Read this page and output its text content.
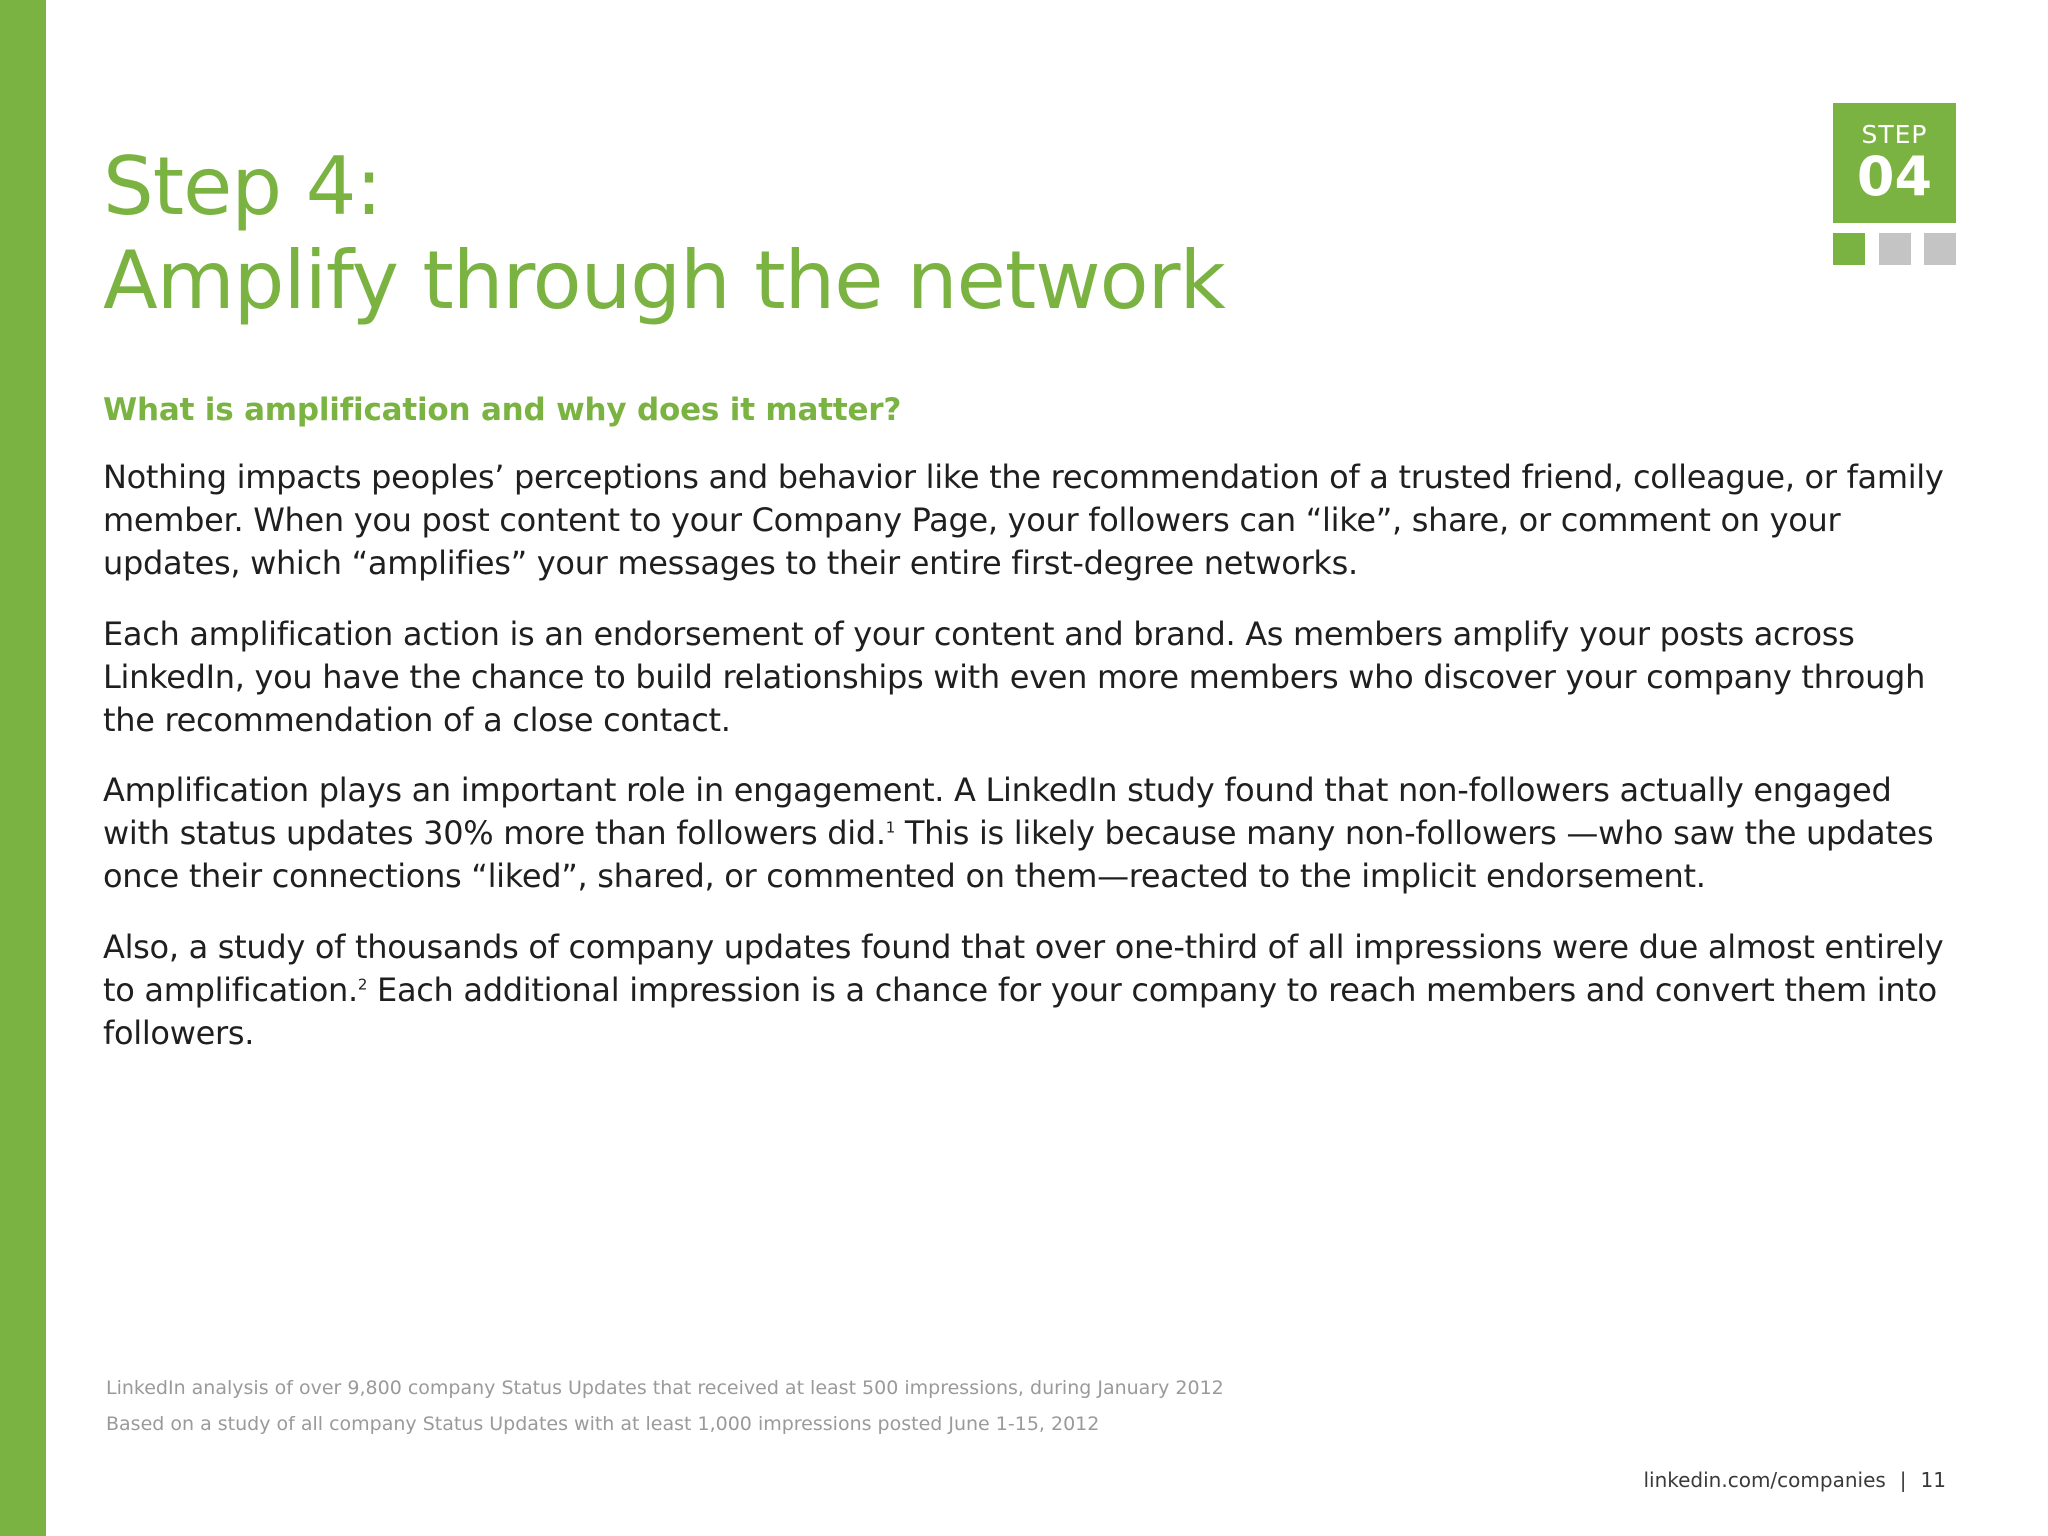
Step 4:
Amplify through the network
STEP
04
What is amplification and why does it matter?

Nothing impacts peoples’ perceptions and behavior like the recommendation of a trusted friend, colleague, or family member. When you post content to your Company Page, your followers can “like”, share, or comment on your updates, which “amplifies” your messages to their entire first-degree networks.

Each amplification action is an endorsement of your content and brand. As members amplify your posts across LinkedIn, you have the chance to build relationships with even more members who discover your company through the recommendation of a close contact.

Amplification plays an important role in engagement. A LinkedIn study found that non-followers actually engaged with status updates 30% more than followers did.$^1$ This is likely because many non-followers —who saw the updates once their connections “liked”, shared, or commented on them—reacted to the implicit endorsement.

Also, a study of thousands of company updates found that over one-third of all impressions were due almost entirely to amplification.$^2$ Each additional impression is a chance for your company to reach members and convert them into followers.

LinkedIn analysis of over 9,800 company Status Updates that received at least 500 impressions, during January 2012

Based on a study of all company Status Updates with at least 1,000 impressions posted June 1-15, 2012

linkedin.com/companies | 11
